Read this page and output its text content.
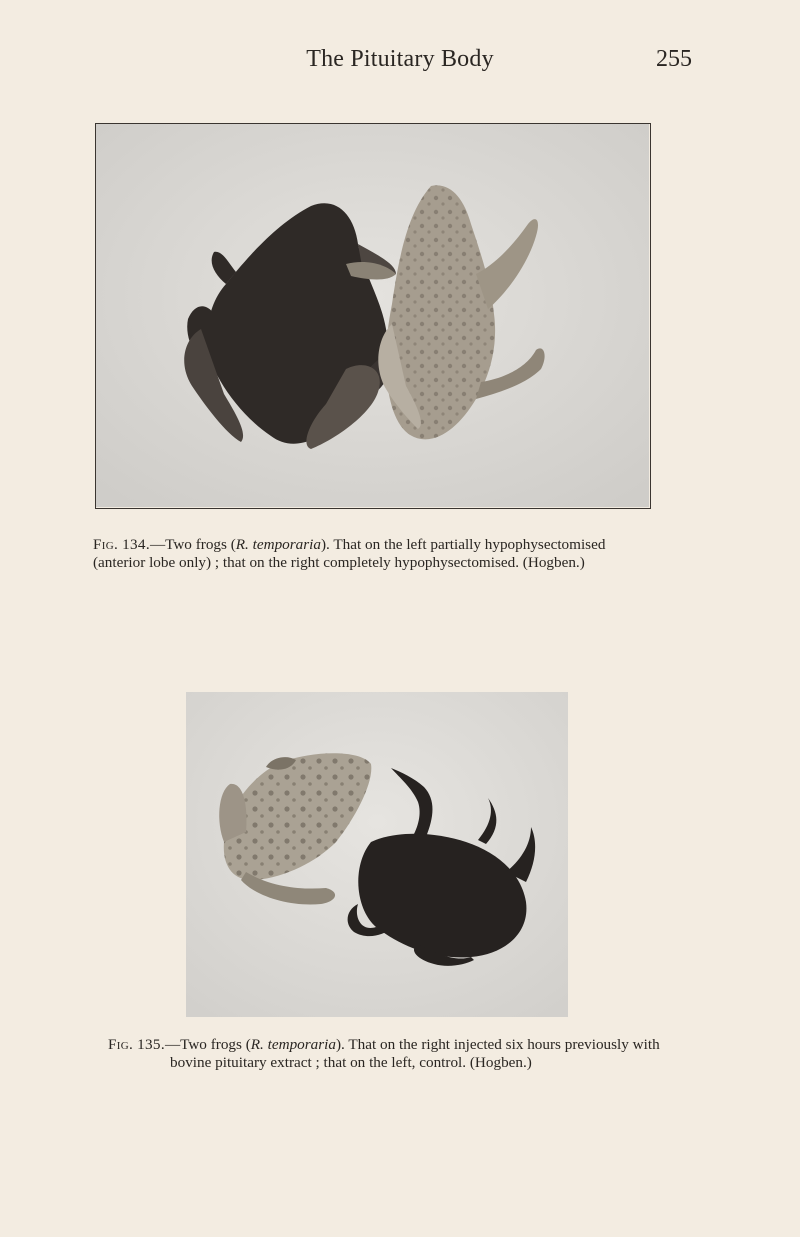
The Pituitary Body	255
Fig. 134.—Two frogs (R. temporaria). That on the left partially hypophysectomised
(anterior lobe only) ; that on the right completely hypophysectomised. (Hogben.)
Fig. 135.—Two frogs (R. temporaria). That on the right injected six hours previously with
bovine pituitary extract ; that on the left, control. (Hogben.)
